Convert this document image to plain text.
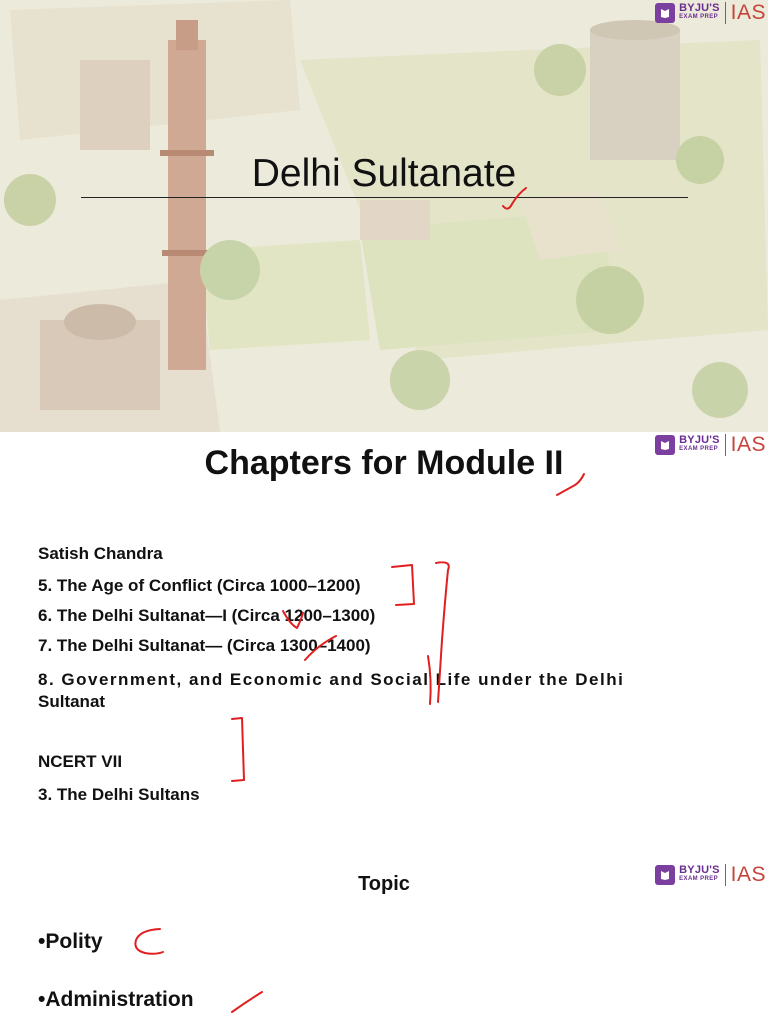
BYJU'S
EXAM PREP IAS
Delhi Sultanate
BYJU'S
EXAM PREP IAS
Chapters for Module II
Satish Chandra
5. The Age of Conflict (Circa 1000–1200)
6. The Delhi Sultanat—I (Circa 1200–1300)
7. The Delhi Sultanat— (Circa 1300–1400)
8. Government, and Economic and Social Life under the Delhi
Sultanat
NCERT VII
3. The Delhi Sultans
BYJU'S
EXAM PREP IAS
Topic
•Polity
•Administration
